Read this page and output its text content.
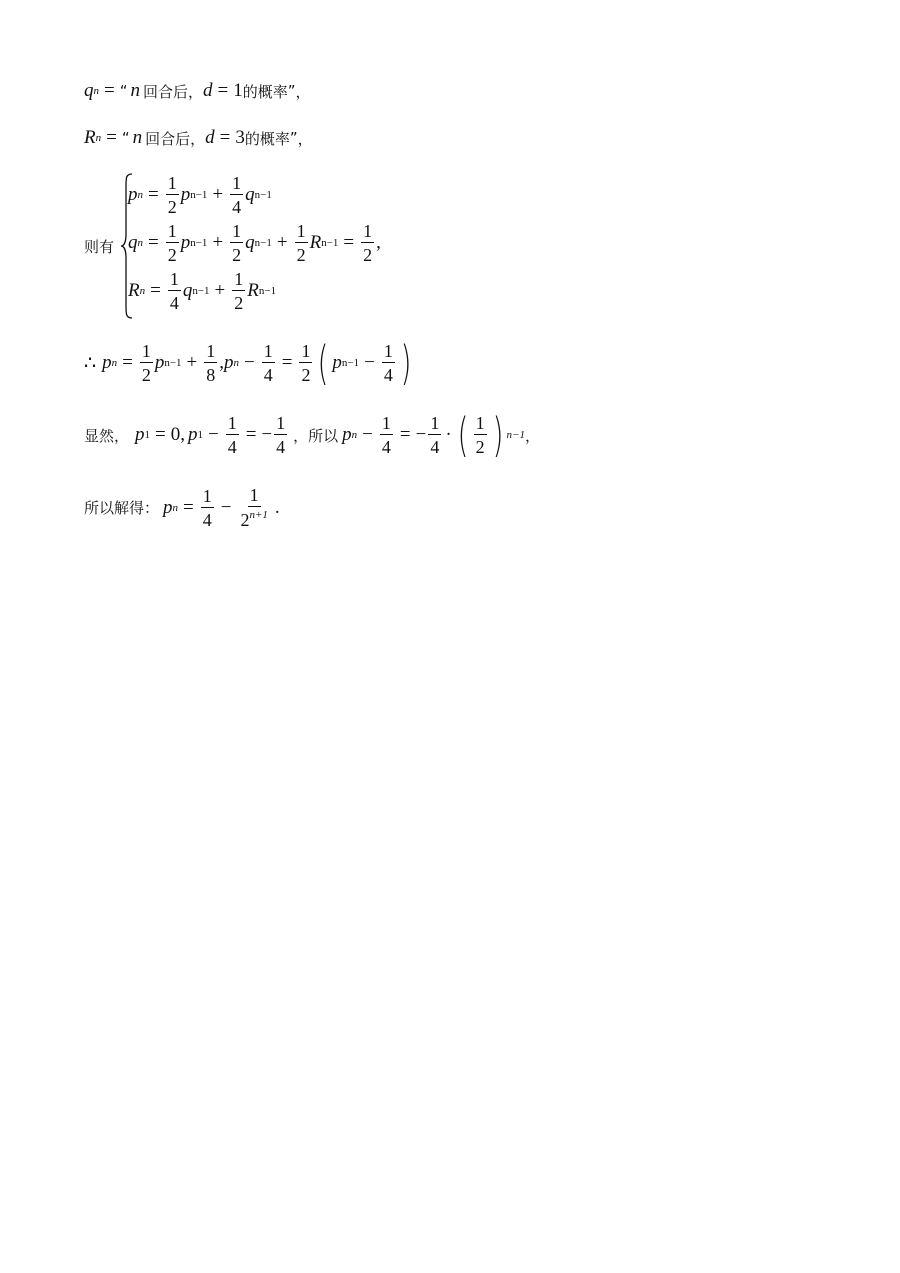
q n = “ n 回合后， d = 1 的概率 ” ，
R n = “ n 回合后， d = 3 的概率 ” ，
则有
p $n = \frac{1}{2}$ p $n-1 + \frac{1}{4}$ q n−1
q $n = \frac{1}{2}$ p $n-1 + \frac{1}{2}$ q $n-1 + \frac{1}{2}$ R $n-1 = \frac{1}{2}$ ,
R $n = \frac{1}{4}$ q $n-1 + \frac{1}{2}$ R n−1
∴ p $n = \frac{1}{2}$ p $n-1 + \frac{1}{8}$ , p $n - \frac{1}{4} = \frac{1}{2}$ ( p $n-1 - \frac{1}{4}$ )
显然， p 1 = 0 , p $1 - \frac{1}{4}$ = − $\frac{1}{4}$ ，所以 p $n - \frac{1}{4}$ = − $\frac{1}{4}$ · ( $\frac{1}{2}$ ) n−1 ，
所以解得： p $n = \frac{1}{4} - \frac{1}{2^{n+1}}$ .
